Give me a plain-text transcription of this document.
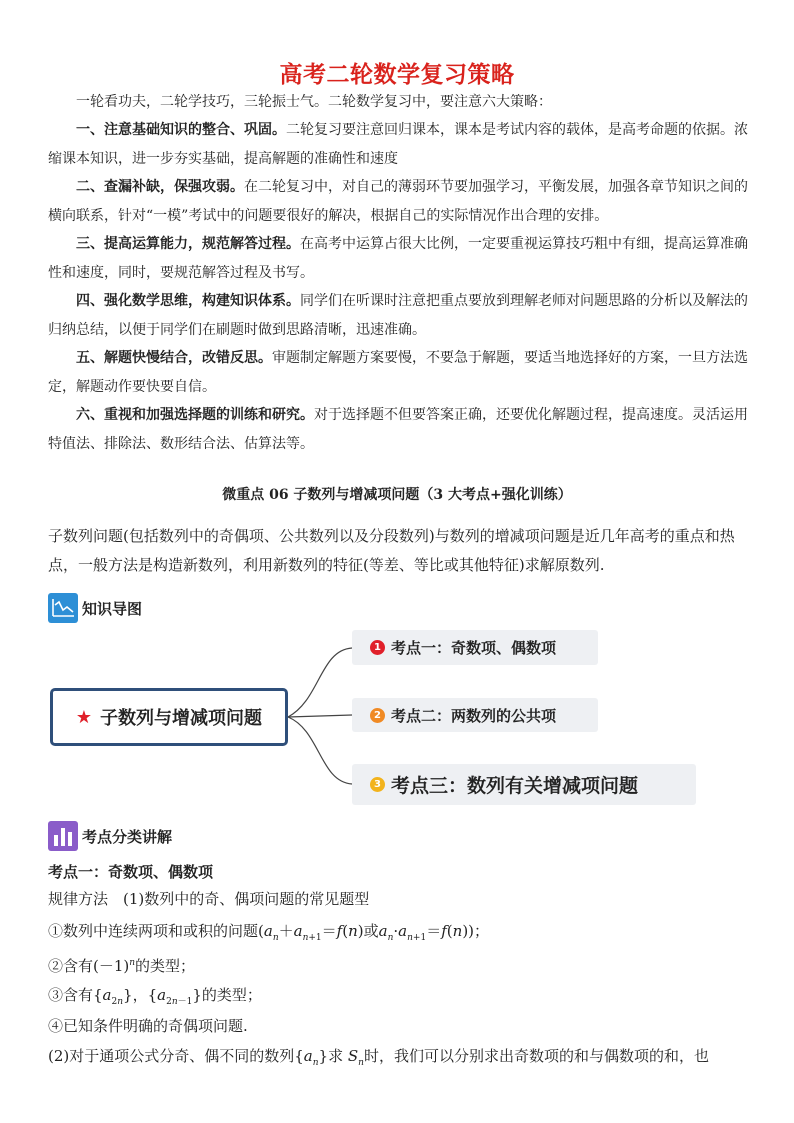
高考二轮数学复习策略
一轮看功夫，二轮学技巧，三轮振士气。二轮数学复习中，要注意六大策略：
一、注意基础知识的整合、巩固。二轮复习要注意回归课本，课本是考试内容的载体，是高考命题的依据。浓缩课本知识，进一步夯实基础，提高解题的准确性和速度
二、查漏补缺，保强攻弱。在二轮复习中，对自己的薄弱环节要加强学习，平衡发展，加强各章节知识之间的横向联系，针对“一模”考试中的问题要很好的解决，根据自己的实际情况作出合理的安排。
三、提高运算能力，规范解答过程。在高考中运算占很大比例，一定要重视运算技巧粗中有细，提高运算准确性和速度，同时，要规范解答过程及书写。
四、强化数学思维，构建知识体系。同学们在听课时注意把重点要放到理解老师对问题思路的分析以及解法的归纳总结，以便于同学们在刷题时做到思路清晰，迅速准确。
五、解题快慢结合，改错反思。审题制定解题方案要慢，不要急于解题，要适当地选择好的方案，一旦方法选定，解题动作要快要自信。
六、重视和加强选择题的训练和研究。对于选择题不但要答案正确，还要优化解题过程，提高速度。灵活运用特值法、排除法、数形结合法、估算法等。
微重点 06 子数列与增减项问题（3 大考点+强化训练）
子数列问题(包括数列中的奇偶项、公共数列以及分段数列)与数列的增减项问题是近几年高考的重点和热点，一般方法是构造新数列，利用新数列的特征(等差、等比或其他特征)求解原数列.
知识导图
★ 子数列与增减项问题
1 考点一：奇数项、偶数项
2 考点二：两数列的公共项
3 考点三：数列有关增减项问题
考点分类讲解
考点一：奇数项、偶数项
规律方法　(1)数列中的奇、偶项问题的常见题型
①数列中连续两项和或积的问题($a_n+a_{n+1}=f(n)$或$a_n\cdot a_{n+1}=f(n)$)；
②含有$(-1)^n$的类型；
③含有$\{a_{2n}\}$，$\{a_{2n-1}\}$的类型；
④已知条件明确的奇偶项问题.
(2)对于通项公式分奇、偶不同的数列$\{a_n\}$求 $S_n$时，我们可以分别求出奇数项的和与偶数项的和，也
